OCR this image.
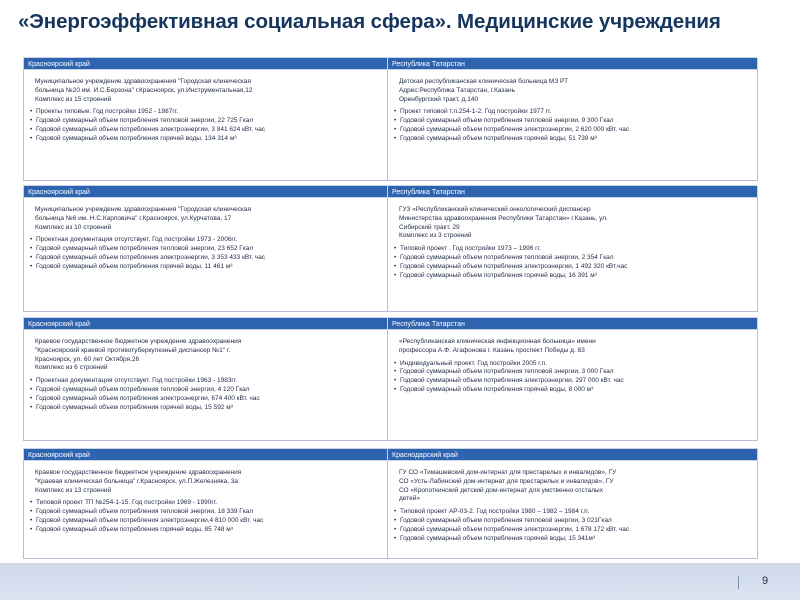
«Энергоэффективная социальная сфера». Медицинские учреждения
Красноярский край
Муниципальное учреждение здравоохранения "Городская клиническая
больница №20 им. И.С.Берзона" г.Красноярск, ул.Инструментальная,12
Комплекс из 15 строений
• Проекты типовые. Год постройки 1952 - 1987гг.
• Годовой суммарный объем потребления тепловой энергии, 22 725 Гкал
• Годовой суммарный объем потребления электроэнергии, 3 841 624 кВт. час
• Годовой суммарный объем потребления горячей воды, 134 314 м³
Республика Татарстан
Детская республиканская клиническая больница МЗ РТ
Адрес:Республика Татарстан, г.Казань
Оренбургский тракт, д.140
• Проект типовой т.п.254-1-2. Год постройки 1977 гг.
• Годовой суммарный объем потребления тепловой энергии, 9 300 Гкал
• Годовой суммарный объем потребления электроэнергии, 2 620 000 кВт. час
• Годовой суммарный объем потребления горячей воды, 51 739 м³
Красноярский край
Муниципальное учреждение здравоохранения "Городская клиническая
больница №6 им. Н.С.Карповича" г.Красноярск, ул.Курчатова, 17
Комплекс из 10 строений
• Проектная документация отсутствует. Год постройки 1973 - 2006гг.
• Годовой суммарный объем потребления тепловой энергии, 23 652 Гкал
• Годовой суммарный объем потребления электроэнергии, 3 353 433 кВт. час
• Годовой суммарный объем потребления горячей воды, 11 461 м³
Республика Татарстан
ГУЗ «Республиканский клинический онкологический диспансер
Министерства здравоохранения Республики Татарстан» г.Казань, ул.
Сибирский тракт, 29
Комплекс из 3 строений
• Типовой проект . Год постройки 1973 – 1996 гг.
• Годовой суммарный объем потребления тепловой энергии, 2 354 Гкал
• Годовой суммарный объем потребления электроэнергии, 1 492 320 кВт.час
• Годовой суммарный объем потребления горячей воды, 16 391 м³
Красноярский край
Краевое государственное бюджетное учреждение здравоохранения
"Красноярский краевой противотуберкулезный диспансер №1" г.
Красноярск, ул. 60 лет Октября,26
Комплекс из 6 строений
• Проектная документация отсутствует. Год постройки 1963 - 1983гг.
• Годовой суммарный объем потребления тепловой энергии, 4 120 Гкал
• Годовой суммарный объем потребления электроэнергии, 674 400 кВт. час
• Годовой суммарный объем потребления горячей воды, 15 592 м³
Республика Татарстан
«Республиканская клиническая инфекционная больница» имени
профессора А.Ф. Агафонова г. Казань проспект Победы д. 83
• Индивидуальный проект. Год постройки 2005 г.п.
• Годовой суммарный объем потребления тепловой энергии, 3 000 Гкал
• Годовой суммарный объем потребления электроэнергии, 297 000 кВт. час
• Годовой суммарный объем потребления горячей воды, 8 000 м³
Красноярский край
Краевое государственное бюджетное учреждение здравоохранения
"Краевая клиническая больница" г.Красноярск, ул.П.Железняка, 3а
Комплекс из 13 строений
• Типовой проект ТП №254-1-15. Год постройки 1969 - 1990гг.
• Годовой суммарный объем потребления тепловой энергии, 18 339 Гкал
• Годовой суммарный объем потребления электроэнергии,4 810 000 кВт. час
• Годовой суммарный объем потребления горячей воды, 85 748 м³
Краснодарский край
ГУ СО «Тимашевский дом-интернат для престарелых и инвалидов», ГУ
СО «Усть-Лабинский дом-интернат для престарелых и инвалидов», ГУ
СО «Кропоткинский детский дом-интернат для умственно отсталых
детей»
• Типовой проект АР-03-2. Год постройки 1980 – 1982 – 1984 г.п.
• Годовой суммарный объем потребления тепловой энергии, 3 021Гкал
• Годовой суммарный объем потребления электроэнергии, 1 678 172 кВт. час
• Годовой суммарный объем потребления горячей воды, 15 341м³
9
